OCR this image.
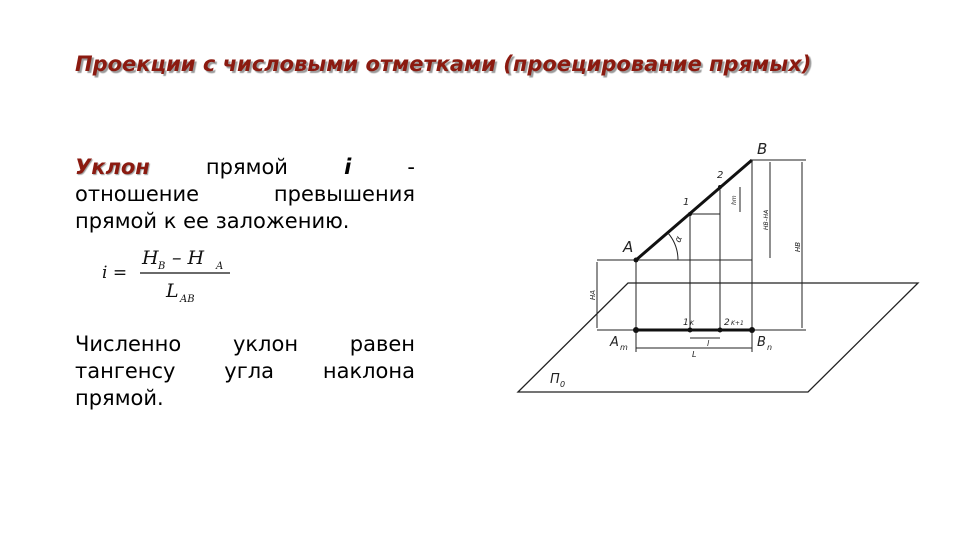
Проекции с числовыми отметками (проецирование прямых)
Уклон	прямой	i	-
отношение превышения
прямой к ее заложению.
i =
H B – H A
L AB
Численно уклон равен
тангенсу угла наклона
прямой.
B
A
1
2
A m	B n
1 K	2 K+1
П 0
l
L
hm
HB–HA
HB
HA
α
